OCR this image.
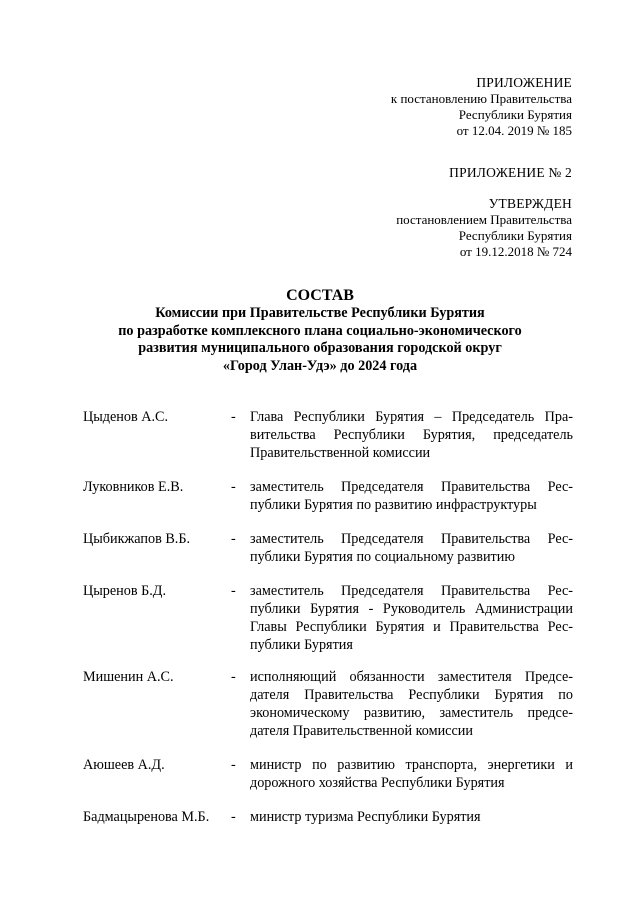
ПРИЛОЖЕНИЕ
к постановлению Правительства
Республики Бурятия
от 12.04. 2019 № 185
ПРИЛОЖЕНИЕ № 2
УТВЕРЖДЕН
постановлением Правительства
Республики Бурятия
от 19.12.2018 № 724
СОСТАВ
Комиссии при Правительстве Республики Бурятия
по разработке комплексного плана социально-экономического
развития муниципального образования городской округ
«Город Улан-Удэ» до 2024 года
Цыденов А.С.	-	Глава Республики Бурятия – Председатель Пра-
вительства Республики Бурятия, председатель
Правительственной комиссии
Луковников Е.В.	-	заместитель Председателя Правительства Рес-
публики Бурятия по развитию инфраструктуры
Цыбикжапов В.Б.	-	заместитель Председателя Правительства Рес-
публики Бурятия по социальному развитию
Цыренов Б.Д.	-	заместитель Председателя Правительства Рес-
публики Бурятия - Руководитель Администрации
Главы Республики Бурятия и Правительства Рес-
публики Бурятия
Мишенин А.С.	-	исполняющий обязанности заместителя Предсе-
дателя Правительства Республики Бурятия по
экономическому развитию, заместитель предсе-
дателя Правительственной комиссии
Аюшеев А.Д.	-	министр по развитию транспорта, энергетики и
дорожного хозяйства Республики Бурятия
Бадмацыренова М.Б.	-	министр туризма Республики Бурятия
